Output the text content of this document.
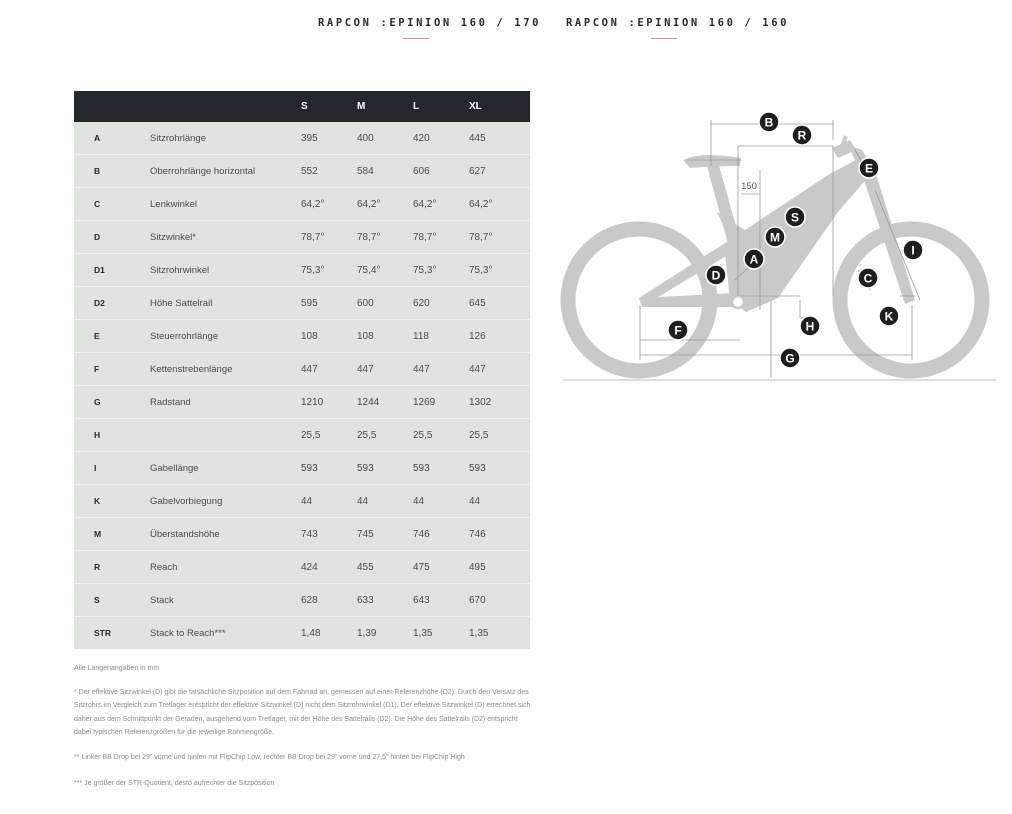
RAPCON :EPINION 160 / 170 RAPCON :EPINION 160 / 160
		S	M	L	XL
A	Sitzrohrlänge	395	400	420	445
B	Oberrohrlänge horizontal	552	584	606	627
C	Lenkwinkel	64,2°	64,2°	64,2°	64,2°
D	Sitzwinkel*	78,7°	78,7°	78,7°	78,7°
D1	Sitzrohrwinkel	75,3°	75,4°	75,3°	75,3°
D2	Höhe Sattelrail	595	600	620	645
E	Steuerrohrlänge	108	108	118	126
F	Kettenstrebenlänge	447	447	447	447
G	Radstand	1210	1244	1269	1302
H		25,5	25,5	25,5	25,5
I	Gabellänge	593	593	593	593
K	Gabelvorbiegung	44	44	44	44
M	Überstandshöhe	743	745	746	746
R	Reach	424	455	475	495
S	Stack	628	633	643	670
STR	Stack to Reach***	1,48	1,39	1,35	1,35

Alle Längenangaben in mm

* Der effektive Sitzwinkel (D) gibt die tatsächliche Sitzposition auf dem Fahrrad an, gemessen auf einer Referenzhöhe (D2). Durch den Versatz des Sitzrohrs im Vergleich zum Tretlager entspricht der effektive Sitzwinkel (D) nicht dem Sitzrohrwinkel (D1). Der effektive Sitzwinkel (D) errechnet sich daher aus dem Schnittpunkt der Geraden, ausgehend vom Tretlager, mit der Höhe des Sattelrails (D2). Die Höhe des Sattelrails (D2) entspricht dabei typischen Referenzgrößen für die jeweilige Rahmengröße.

** Linker BB Drop bei 29" vorne und hinten mit FlipChip Low, rechter BB Drop bei 29" vorne und 27,5" hinten bei FlipChip High

*** Je größer der STR-Quotient, desto aufrechter die Sitzposition

150
B
R
E
S
M
I
A
D	C
K
F	H
G
